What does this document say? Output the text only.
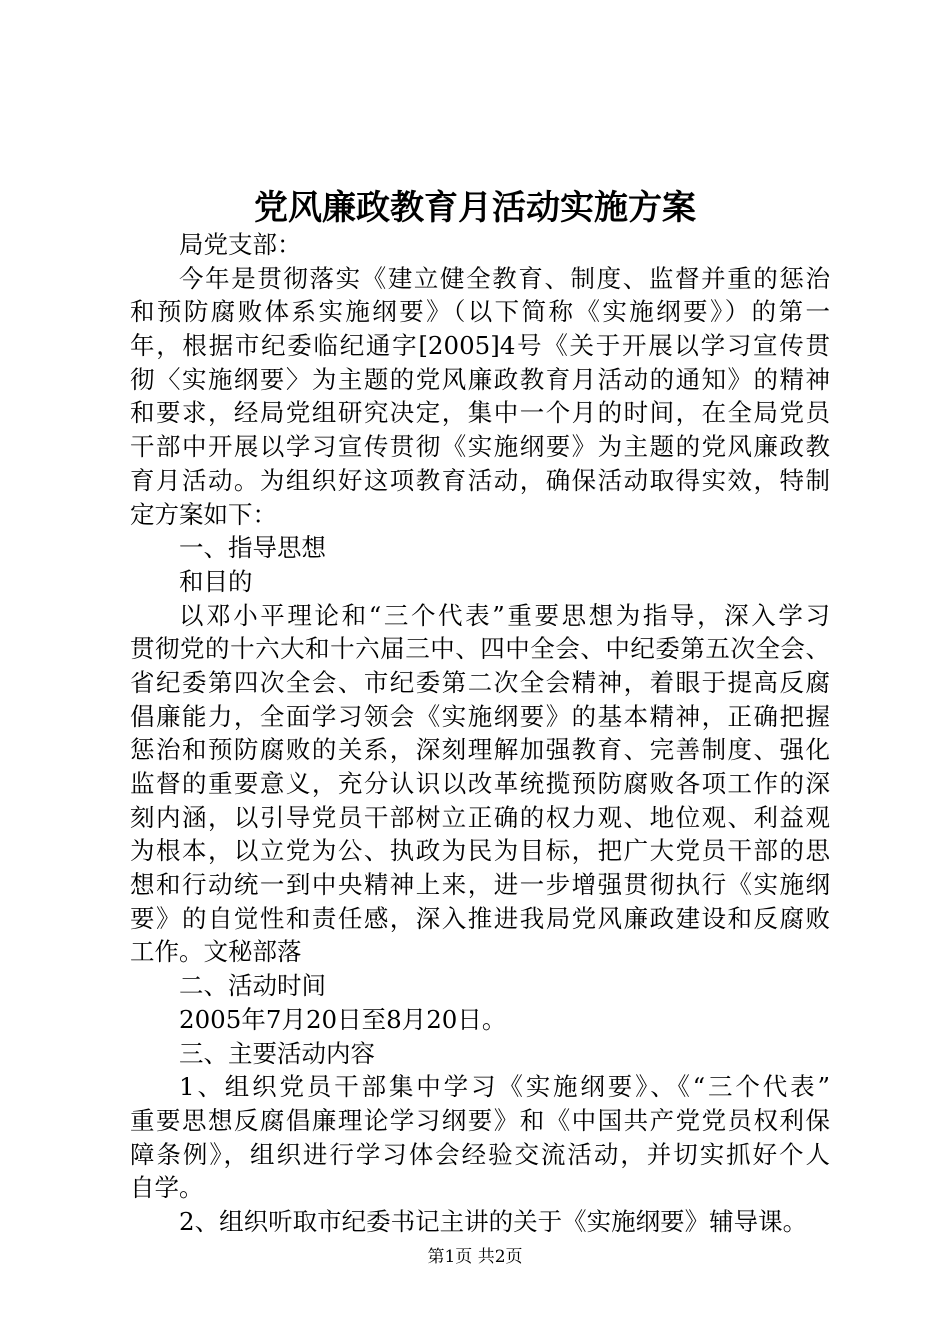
党风廉政教育月活动实施方案
局党支部：
今年是贯彻落实《建立健全教育、制度、监督并重的惩治
和预防腐败体系实施纲要》（以下简称《实施纲要》）的第一
年，根据市纪委临纪通字[2005]4号《关于开展以学习宣传贯
彻〈实施纲要〉为主题的党风廉政教育月活动的通知》的精神
和要求，经局党组研究决定，集中一个月的时间，在全局党员
干部中开展以学习宣传贯彻《实施纲要》为主题的党风廉政教
育月活动。为组织好这项教育活动，确保活动取得实效，特制
定方案如下：
一、指导思想
和目的
以邓小平理论和“三个代表”重要思想为指导，深入学习
贯彻党的十六大和十六届三中、四中全会、中纪委第五次全会、
省纪委第四次全会、市纪委第二次全会精神，着眼于提高反腐
倡廉能力，全面学习领会《实施纲要》的基本精神，正确把握
惩治和预防腐败的关系，深刻理解加强教育、完善制度、强化
监督的重要意义，充分认识以改革统揽预防腐败各项工作的深
刻内涵，以引导党员干部树立正确的权力观、地位观、利益观
为根本，以立党为公、执政为民为目标，把广大党员干部的思
想和行动统一到中央精神上来，进一步增强贯彻执行《实施纲
要》的自觉性和责任感，深入推进我局党风廉政建设和反腐败
工作。文秘部落
二、活动时间
2005年7月20日至8月20日。
三、主要活动内容
1、组织党员干部集中学习《实施纲要》、《“三个代表”
重要思想反腐倡廉理论学习纲要》和《中国共产党党员权利保
障条例》，组织进行学习体会经验交流活动，并切实抓好个人
自学。
2、组织听取市纪委书记主讲的关于《实施纲要》辅导课。
第1页 共2页
